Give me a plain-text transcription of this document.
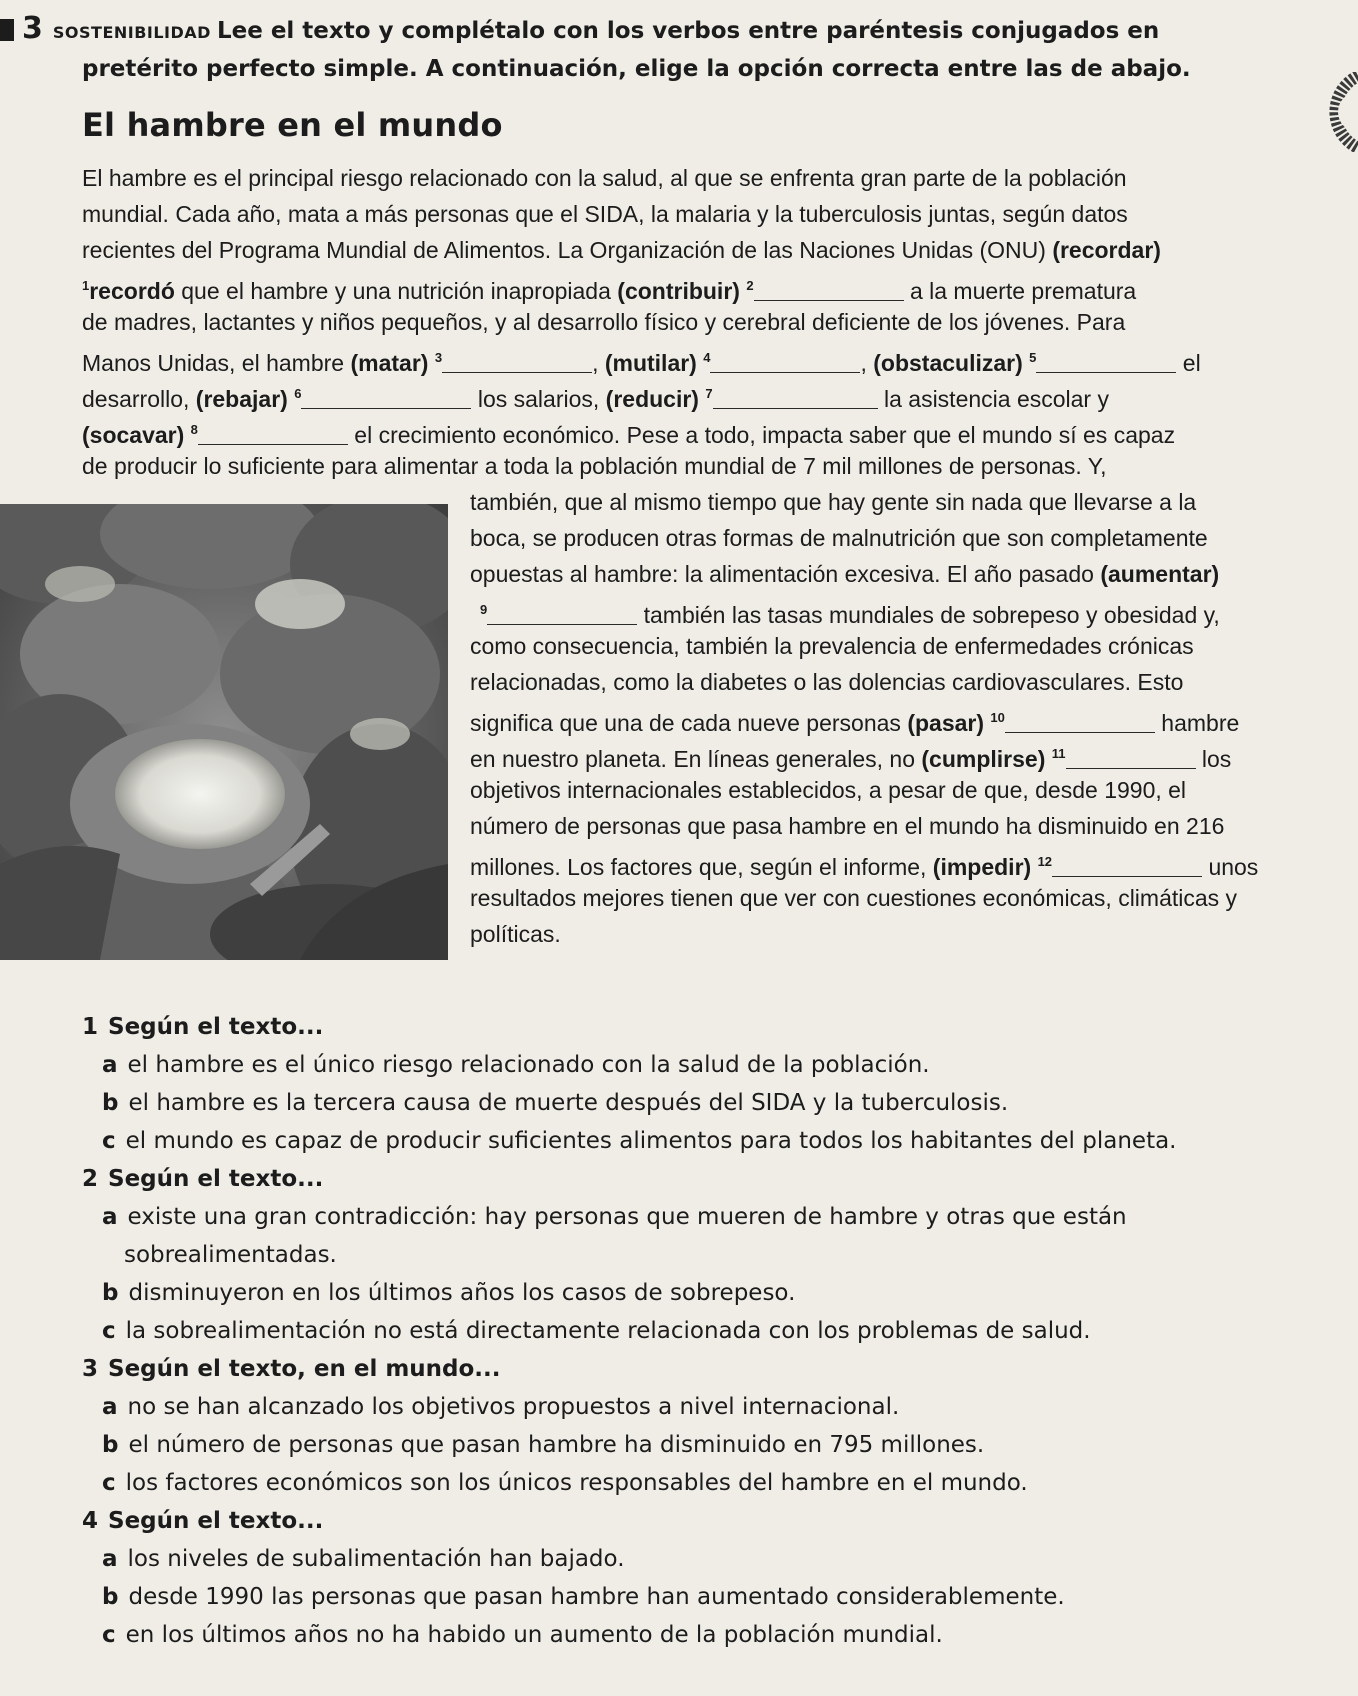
3 sostenibilidad Lee el texto y complétalo con los verbos entre paréntesis conjugados en
pretérito perfecto simple. A continuación, elige la opción correcta entre las de abajo.
El hambre en el mundo
El hambre es el principal riesgo relacionado con la salud, al que se enfrenta gran parte de la población
mundial. Cada año, mata a más personas que el SIDA, la malaria y la tuberculosis juntas, según datos
recientes del Programa Mundial de Alimentos. La Organización de las Naciones Unidas (ONU) (recordar)
$^1$recordó que el hambre y una nutrición inapropiada (contribuir) $^2$	a la muerte prematura
de madres, lactantes y niños pequeños, y al desarrollo físico y cerebral deficiente de los jóvenes. Para
Manos Unidas, el hambre (matar) $^3$	, (mutilar) $^4$	, (obstaculizar) $^5$	el
desarrollo, (rebajar) $^6$	los salarios, (reducir) $^7$	la asistencia escolar y
(socavar) $^8$	el crecimiento económico. Pese a todo, impacta saber que el mundo sí es capaz
de producir lo suficiente para alimentar a toda la población mundial de 7 mil millones de personas. Y,
también, que al mismo tiempo que hay gente sin nada que llevarse a la
boca, se producen otras formas de malnutrición que son completamente
opuestas al hambre: la alimentación excesiva. El año pasado (aumentar)
$^9$	también las tasas mundiales de sobrepeso y obesidad y,
como consecuencia, también la prevalencia de enfermedades crónicas
relacionadas, como la diabetes o las dolencias cardiovasculares. Esto
significa que una de cada nueve personas (pasar) $^{10}$	hambre
en nuestro planeta. En líneas generales, no (cumplirse) $^{11}$	los
objetivos internacionales establecidos, a pesar de que, desde 1990, el
número de personas que pasa hambre en el mundo ha disminuido en 216
millones. Los factores que, según el informe, (impedir) $^{12}$	unos
resultados mejores tienen que ver con cuestiones económicas, climáticas y
políticas.
1 Según el texto...
a el hambre es el único riesgo relacionado con la salud de la población.
b el hambre es la tercera causa de muerte después del SIDA y la tuberculosis.
c el mundo es capaz de producir suficientes alimentos para todos los habitantes del planeta.
2 Según el texto...
a existe una gran contradicción: hay personas que mueren de hambre y otras que están
sobrealimentadas.
b disminuyeron en los últimos años los casos de sobrepeso.
c la sobrealimentación no está directamente relacionada con los problemas de salud.
3 Según el texto, en el mundo...
a no se han alcanzado los objetivos propuestos a nivel internacional.
b el número de personas que pasan hambre ha disminuido en 795 millones.
c los factores económicos son los únicos responsables del hambre en el mundo.
4 Según el texto...
a los niveles de subalimentación han bajado.
b desde 1990 las personas que pasan hambre han aumentado considerablemente.
c en los últimos años no ha habido un aumento de la población mundial.
